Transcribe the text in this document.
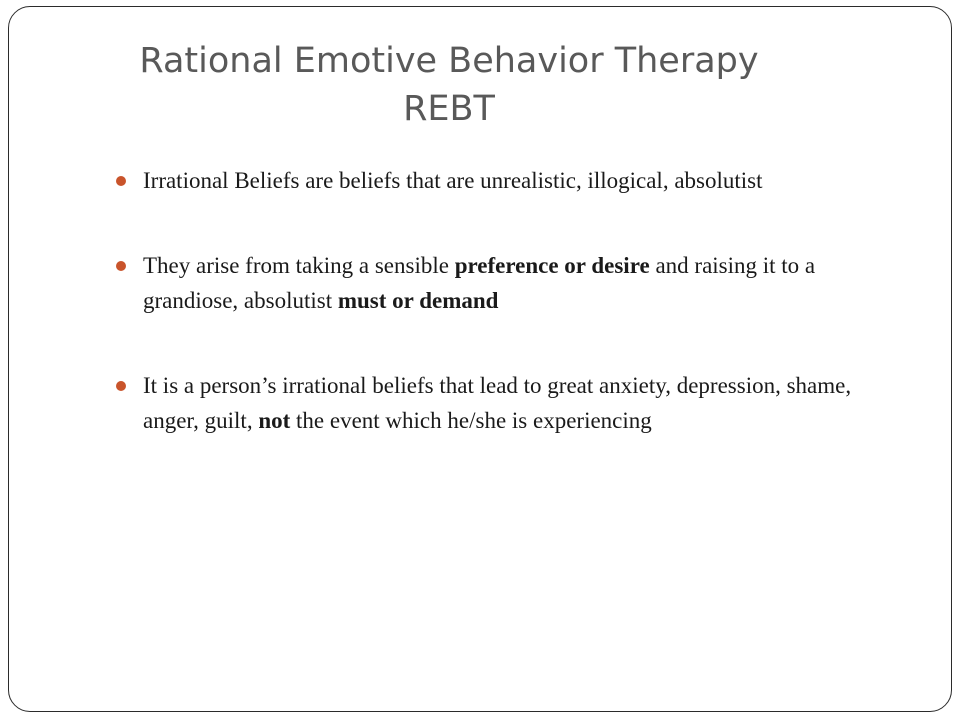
Rational Emotive Behavior Therapy
REBT
Irrational Beliefs are beliefs that are unrealistic, illogical, absolutist
They arise from taking a sensible preference or desire and raising it to a grandiose, absolutist must or demand
It is a person’s irrational beliefs that lead to great anxiety, depression, shame, anger, guilt, not the event which he/she is experiencing
